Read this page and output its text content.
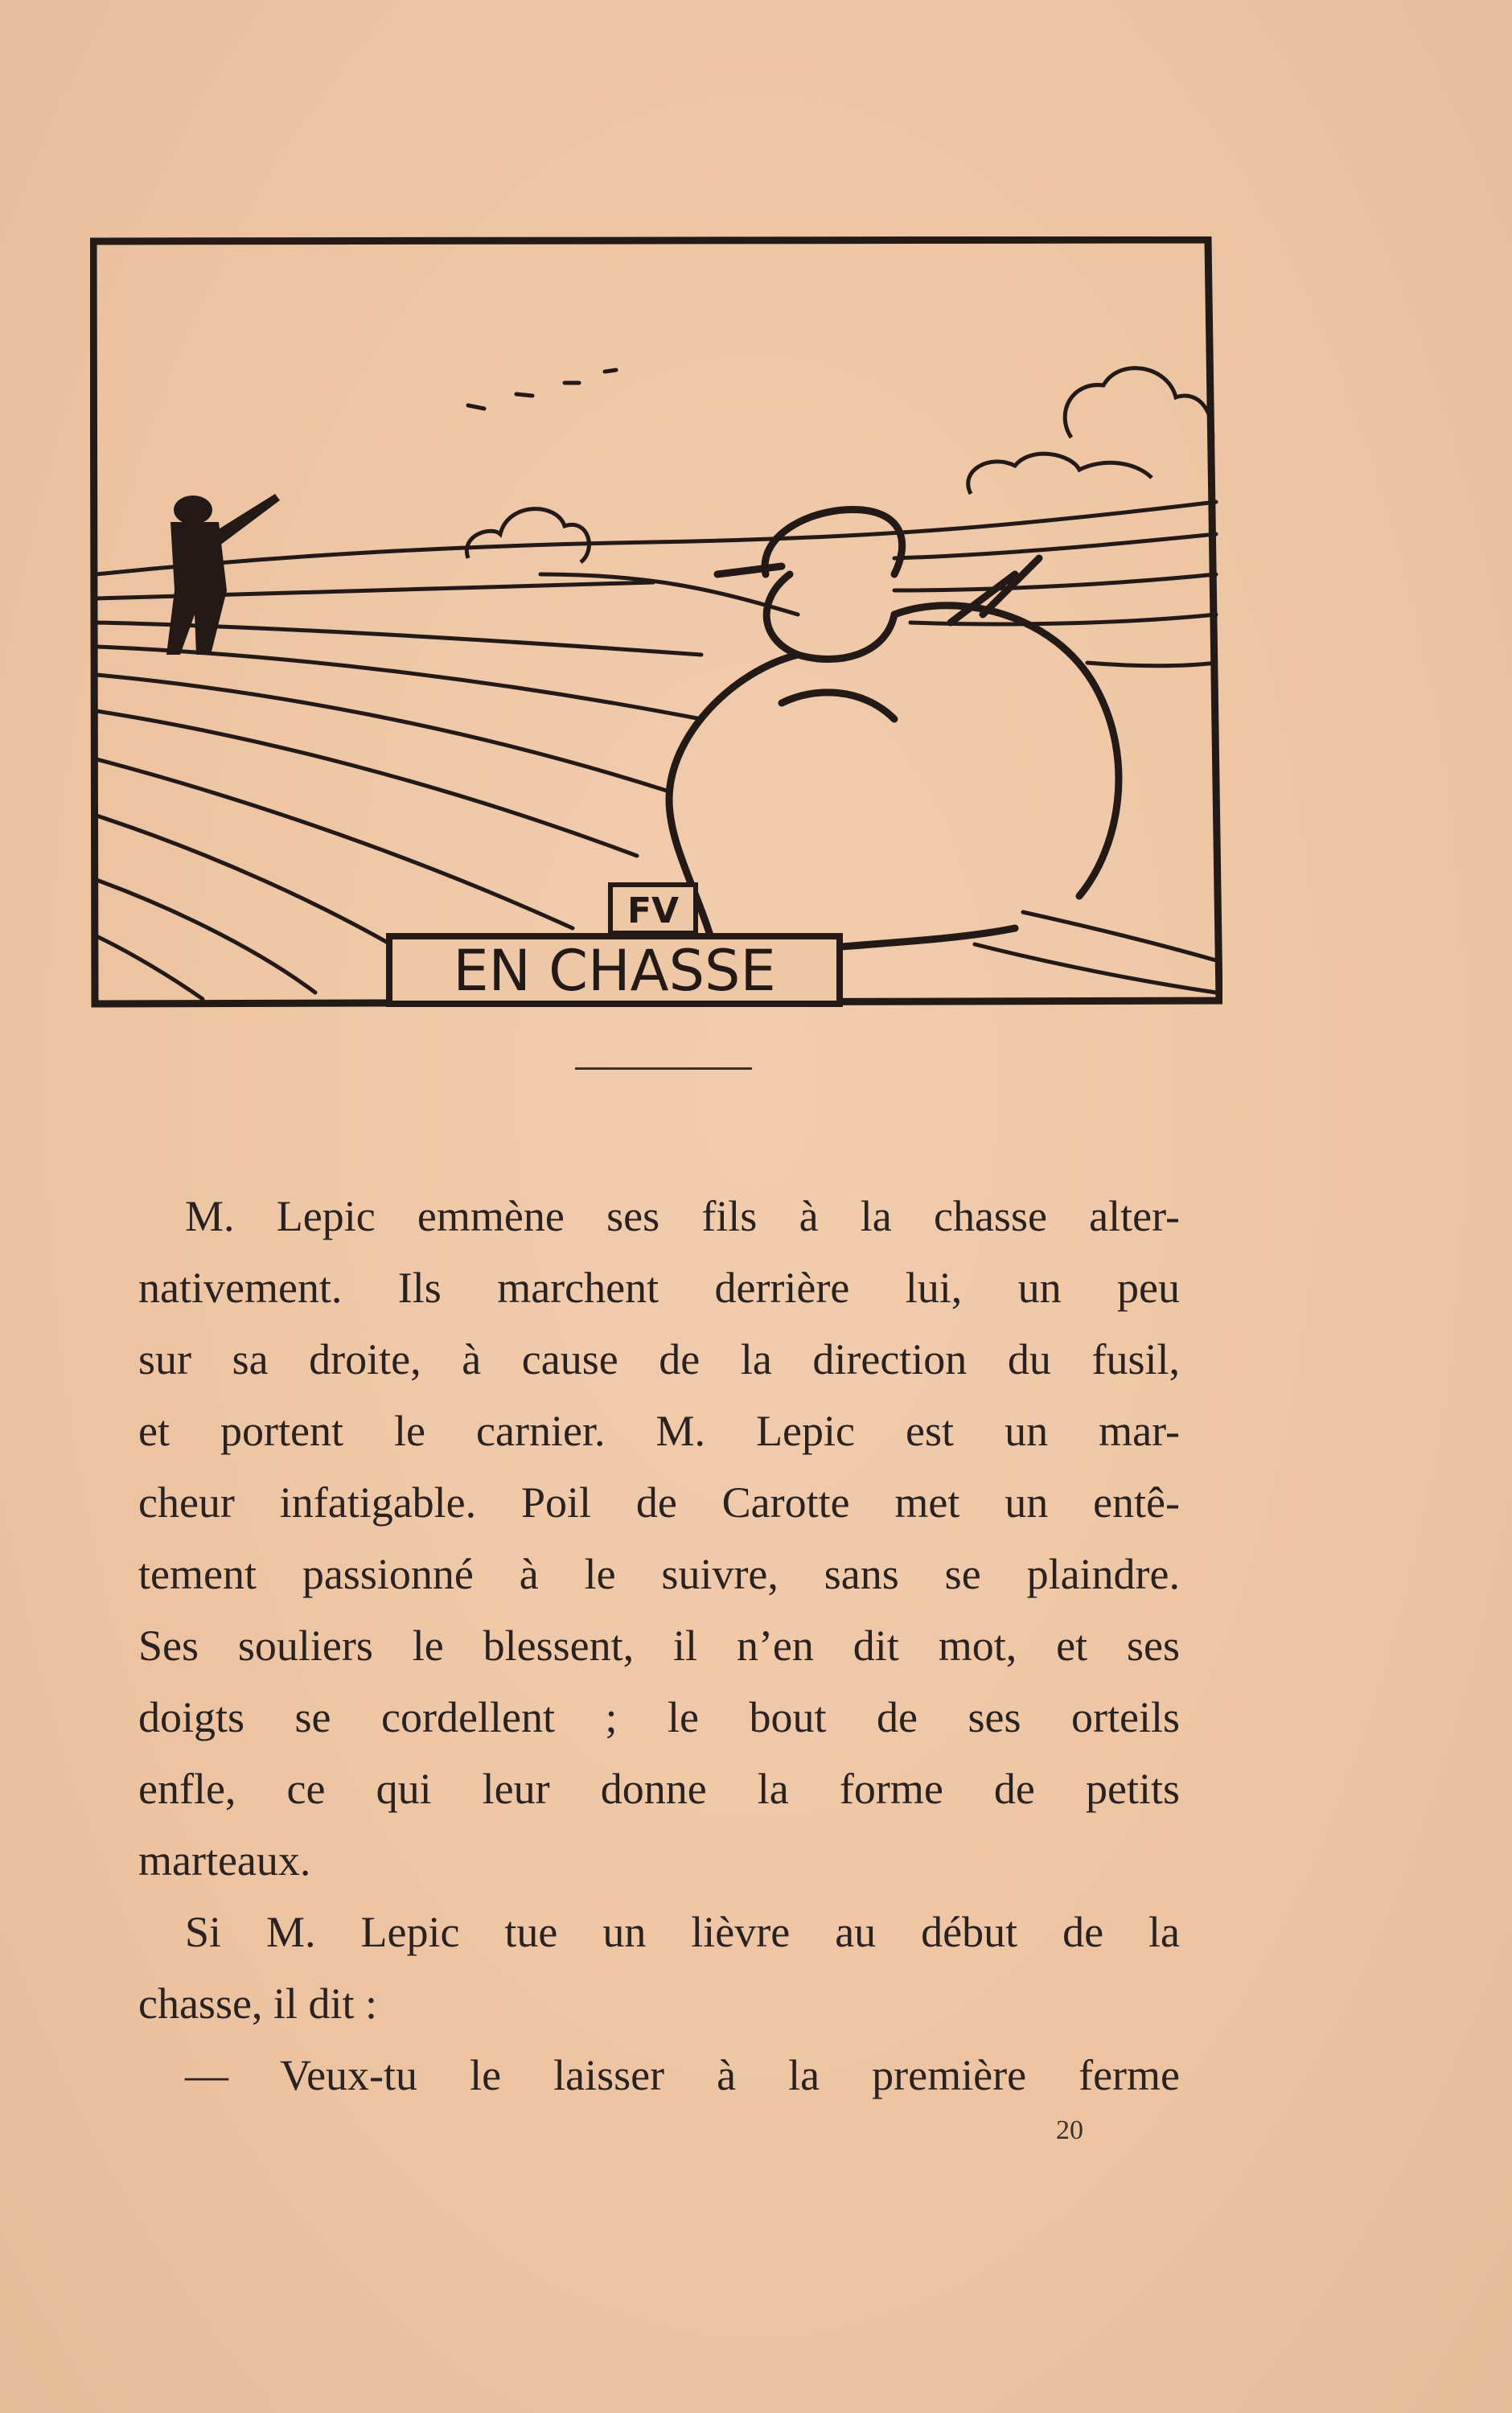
EN CHASSE
FV
M. Lepic emmène ses fils à la chasse alter-
nativement. Ils marchent derrière lui, un peu
sur sa droite, à cause de la direction du fusil,
et portent le carnier. M. Lepic est un mar-
cheur infatigable. Poil de Carotte met un entê-
tement passionné à le suivre, sans se plaindre.
Ses souliers le blessent, il n’en dit mot, et ses
doigts se cordellent ; le bout de ses orteils
enfle, ce qui leur donne la forme de petits
marteaux.
Si M. Lepic tue un lièvre au début de la
chasse, il dit :
— Veux-tu le laisser à la première ferme
20
